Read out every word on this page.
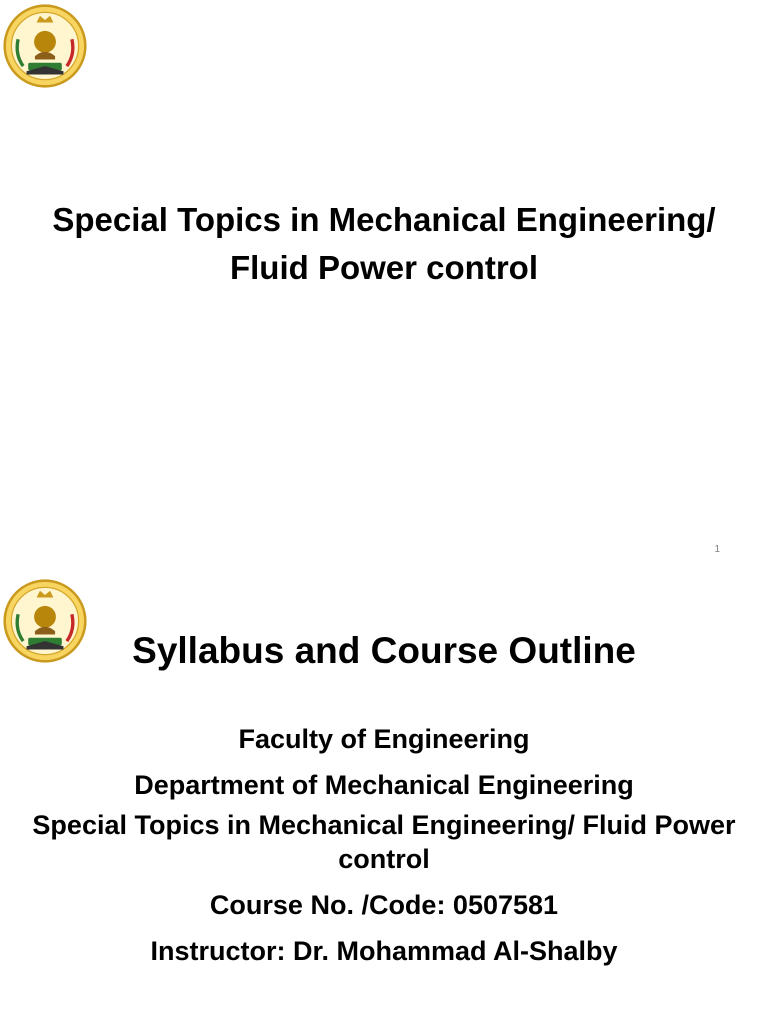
Special Topics in Mechanical Engineering/ Fluid Power control
1
Syllabus and Course Outline
Faculty of Engineering
Department of Mechanical Engineering
Special Topics in Mechanical Engineering/ Fluid Power control
Course No. /Code: 0507581
Instructor: Dr. Mohammad Al-Shalby
